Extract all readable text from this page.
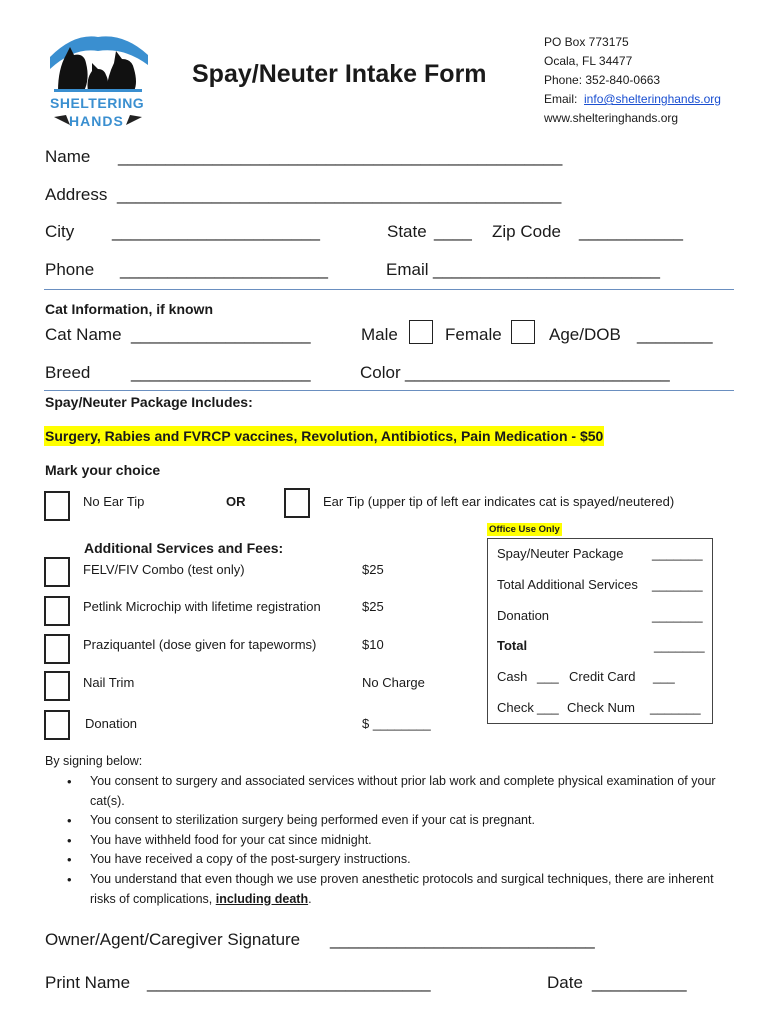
SHELTERING
HANDS
Spay/Neuter Intake Form
PO Box 773175
Ocala, FL 34477
Phone: 352-840-0663
Email: info@shelteringhands.org
www.shelteringhands.org
Name _______________________________________________
Address _______________________________________________
City ______________________	State ____ Zip Code ___________
Phone ______________________	Email ________________________
Cat Information, if known
Cat Name ___________________	Male	Female	Age/DOB ________
Breed ___________________	Color ____________________________
Spay/Neuter Package Includes:
Surgery, Rabies and FVRCP vaccines, Revolution, Antibiotics, Pain Medication - $50
Mark your choice
No Ear Tip	OR	Ear Tip (upper tip of left ear indicates cat is spayed/neutered)
Additional Services and Fees:
FELV/FIV Combo (test only)	$25
Petlink Microchip with lifetime registration	$25
Praziquantel (dose given for tapeworms)	$10
Nail Trim	No Charge
Donation	$ ________
Office Use Only
Spay/Neuter Package _______
Total Additional Services _______
Donation	_______
Total	_______
Cash ___ Credit Card ___
Check ___ Check Num _______
By signing below:
• You consent to surgery and associated services without prior lab work and complete physical examination of your cat(s).
• You consent to sterilization surgery being performed even if your cat is pregnant.
• You have withheld food for your cat since midnight.
• You have received a copy of the post-surgery instructions.
• You understand that even though we use proven anesthetic protocols and surgical techniques, there are inherent risks of complications, including death.
Owner/Agent/Caregiver Signature ____________________________
Print Name ______________________________	Date __________
